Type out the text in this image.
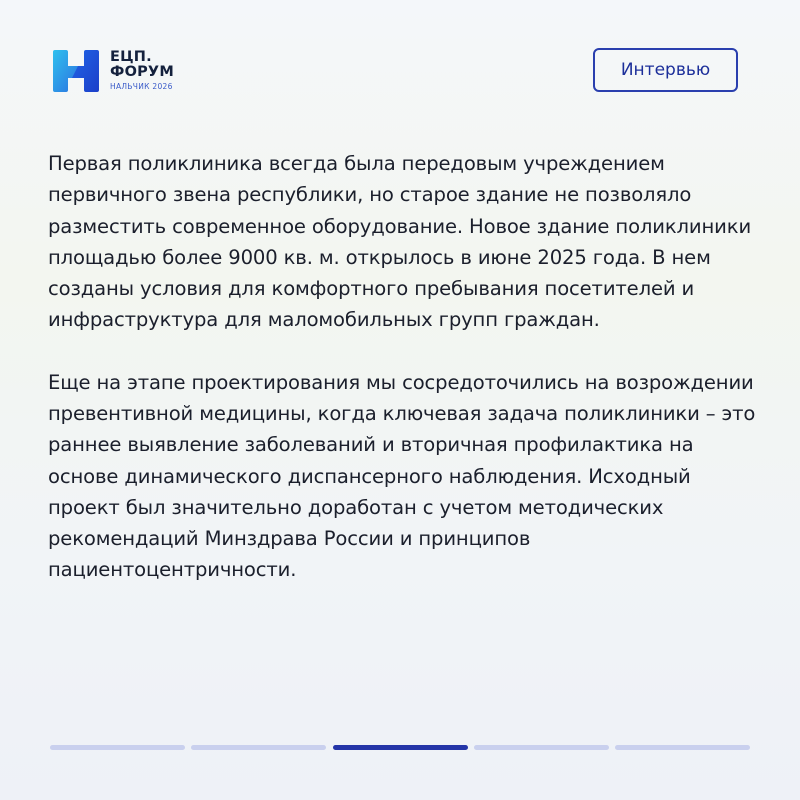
ЕЦП.
ФОРУМ
НАЛЬЧИК 2026
Интервью

Первая поликлиника всегда была передовым учреждением первичного звена республики, но старое здание не позволяло разместить современное оборудование. Новое здание поликлиники площадью более 9000 кв. м. открылось в июне 2025 года. В нем созданы условия для комфортного пребывания посетителей и инфраструктура для маломобильных групп граждан.

Еще на этапе проектирования мы сосредоточились на возрождении превентивной медицины, когда ключевая задача поликлиники – это раннее выявление заболеваний и вторичная профилактика на основе динамического диспансерного наблюдения. Исходный проект был значительно доработан с учетом методических рекомендаций Минздрава России и принципов пациентоцентричности.
